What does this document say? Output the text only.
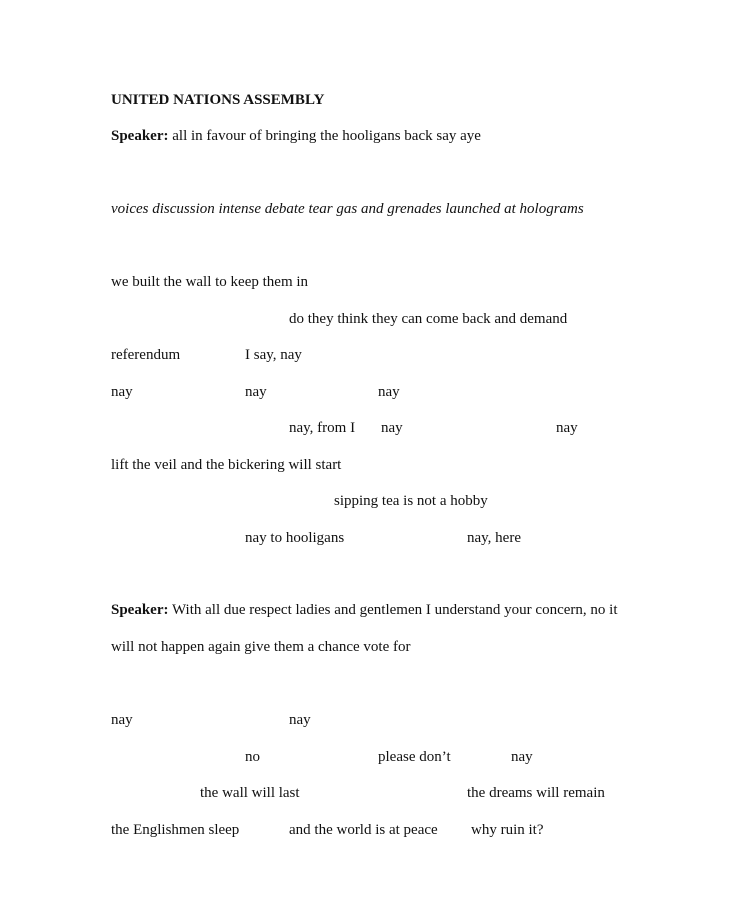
UNITED NATIONS ASSEMBLY
Speaker: all in favour of bringing the hooligans back say aye
voices discussion intense debate tear gas and grenades launched at holograms
we built the wall to keep them in
do they think they can come back and demand
referendum	I say, nay
nay	nay	nay
nay, from I nay	nay
lift the veil and the bickering will start
sipping tea is not a hobby
nay to hooligans	nay, here
Speaker: With all due respect ladies and gentlemen I understand your concern, no it
will not happen again give them a chance vote for
nay	nay
no	please don’t	nay
the wall will last	the dreams will remain
the Englishmen sleep	and the world is at peace why ruin it?
